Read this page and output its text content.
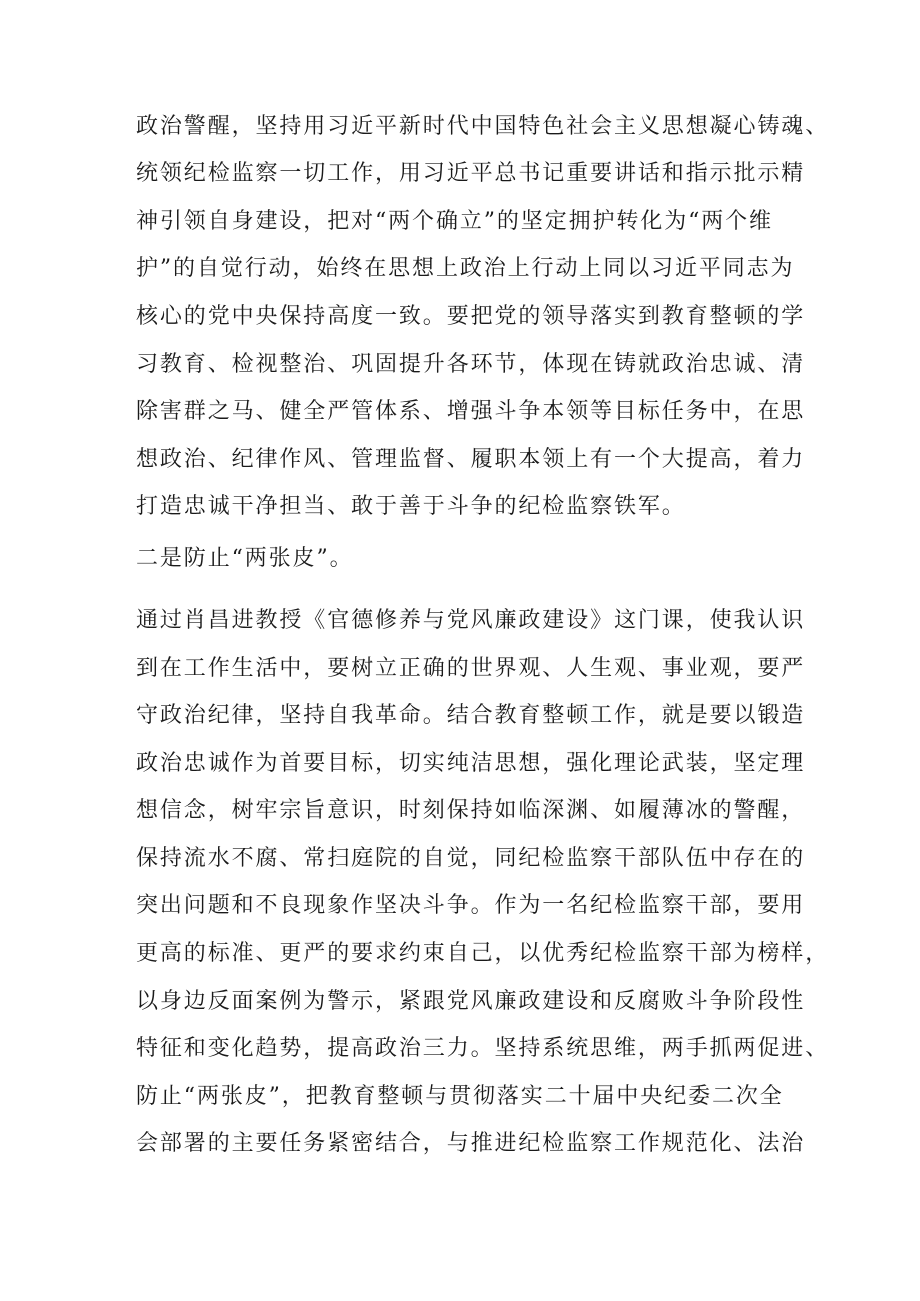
政治警醒，坚持用习近平新时代中国特色社会主义思想凝心铸魂、
统领纪检监察一切工作，用习近平总书记重要讲话和指示批示精
神引领自身建设，把对“两个确立”的坚定拥护转化为“两个维
护”的自觉行动，始终在思想上政治上行动上同以习近平同志为
核心的党中央保持高度一致。要把党的领导落实到教育整顿的学
习教育、检视整治、巩固提升各环节，体现在铸就政治忠诚、清
除害群之马、健全严管体系、增强斗争本领等目标任务中，在思
想政治、纪律作风、管理监督、履职本领上有一个大提高，着力
打造忠诚干净担当、敢于善于斗争的纪检监察铁军。
二是防止“两张皮”。
通过肖昌进教授《官德修养与党风廉政建设》这门课，使我认识
到在工作生活中，要树立正确的世界观、人生观、事业观，要严
守政治纪律，坚持自我革命。结合教育整顿工作，就是要以锻造
政治忠诚作为首要目标，切实纯洁思想，强化理论武装，坚定理
想信念，树牢宗旨意识，时刻保持如临深渊、如履薄冰的警醒，
保持流水不腐、常扫庭院的自觉，同纪检监察干部队伍中存在的
突出问题和不良现象作坚决斗争。作为一名纪检监察干部，要用
更高的标准、更严的要求约束自己，以优秀纪检监察干部为榜样，
以身边反面案例为警示，紧跟党风廉政建设和反腐败斗争阶段性
特征和变化趋势，提高政治三力。坚持系统思维，两手抓两促进、
防止“两张皮”，把教育整顿与贯彻落实二十届中央纪委二次全
会部署的主要任务紧密结合，与推进纪检监察工作规范化、法治
